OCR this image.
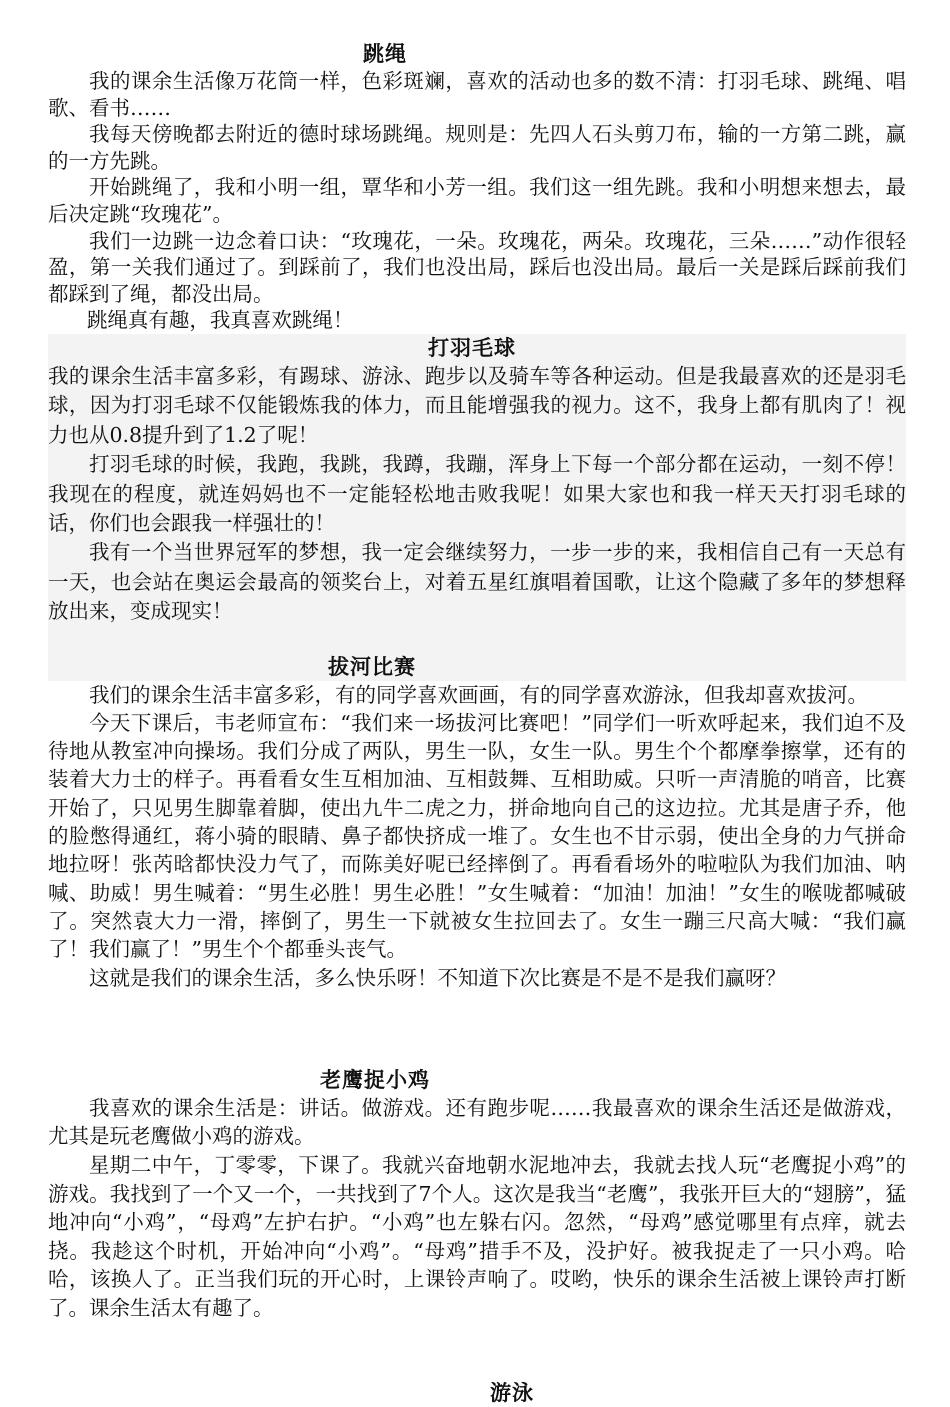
跳绳

我的课余生活像万花筒一样，色彩斑斓，喜欢的活动也多的数不清：打羽毛球、跳绳、唱歌、看书……

我每天傍晚都去附近的德时球场跳绳。规则是：先四人石头剪刀布，输的一方第二跳，赢的一方先跳。

开始跳绳了，我和小明一组，覃华和小芳一组。我们这一组先跳。我和小明想来想去，最后决定跳“玫瑰花”。

我们一边跳一边念着口诀：“玫瑰花，一朵。玫瑰花，两朵。玫瑰花，三朵……”动作很轻盈，第一关我们通过了。到踩前了，我们也没出局，踩后也没出局。最后一关是踩后踩前我们都踩到了绳，都没出局。

跳绳真有趣，我真喜欢跳绳！

打羽毛球

我的课余生活丰富多彩，有踢球、游泳、跑步以及骑车等各种运动。但是我最喜欢的还是羽毛球，因为打羽毛球不仅能锻炼我的体力，而且能增强我的视力。这不，我身上都有肌肉了！视力也从0.8提升到了1.2了呢！

打羽毛球的时候，我跑，我跳，我蹲，我蹦，浑身上下每一个部分都在运动，一刻不停！我现在的程度，就连妈妈也不一定能轻松地击败我呢！如果大家也和我一样天天打羽毛球的话，你们也会跟我一样强壮的！

我有一个当世界冠军的梦想，我一定会继续努力，一步一步的来，我相信自己有一天总有一天，也会站在奥运会最高的领奖台上，对着五星红旗唱着国歌，让这个隐藏了多年的梦想释放出来，变成现实！

拔河比赛

我们的课余生活丰富多彩，有的同学喜欢画画，有的同学喜欢游泳，但我却喜欢拔河。

今天下课后，韦老师宣布：“我们来一场拔河比赛吧！”同学们一听欢呼起来，我们迫不及待地从教室冲向操场。我们分成了两队，男生一队，女生一队。男生个个都摩拳擦掌，还有的装着大力士的样子。再看看女生互相加油、互相鼓舞、互相助威。只听一声清脆的哨音，比赛开始了，只见男生脚靠着脚，使出九牛二虎之力，拼命地向自己的这边拉。尤其是唐子乔，他的脸憋得通红，蒋小骑的眼睛、鼻子都快挤成一堆了。女生也不甘示弱，使出全身的力气拼命地拉呀！张芮晗都快没力气了，而陈美好呢已经摔倒了。再看看场外的啦啦队为我们加油、呐喊、助威！男生喊着：“男生必胜！男生必胜！”女生喊着：“加油！加油！”女生的喉咙都喊破了。突然袁大力一滑，摔倒了，男生一下就被女生拉回去了。女生一蹦三尺高大喊：“我们赢了！我们赢了！”男生个个都垂头丧气。

这就是我们的课余生活，多么快乐呀！不知道下次比赛是不是不是我们赢呀？

老鹰捉小鸡

我喜欢的课余生活是：讲话。做游戏。还有跑步呢……我最喜欢的课余生活还是做游戏，尤其是玩老鹰做小鸡的游戏。

星期二中午，丁零零，下课了。我就兴奋地朝水泥地冲去，我就去找人玩“老鹰捉小鸡”的游戏。我找到了一个又一个，一共找到了7个人。这次是我当“老鹰”，我张开巨大的“翅膀”，猛地冲向“小鸡”，“母鸡”左护右护。“小鸡”也左躲右闪。忽然，“母鸡”感觉哪里有点痒，就去挠。我趁这个时机，开始冲向“小鸡”。“母鸡”措手不及，没护好。被我捉走了一只小鸡。哈哈，该换人了。正当我们玩的开心时，上课铃声响了。哎哟，快乐的课余生活被上课铃声打断了。课余生活太有趣了。

游泳
